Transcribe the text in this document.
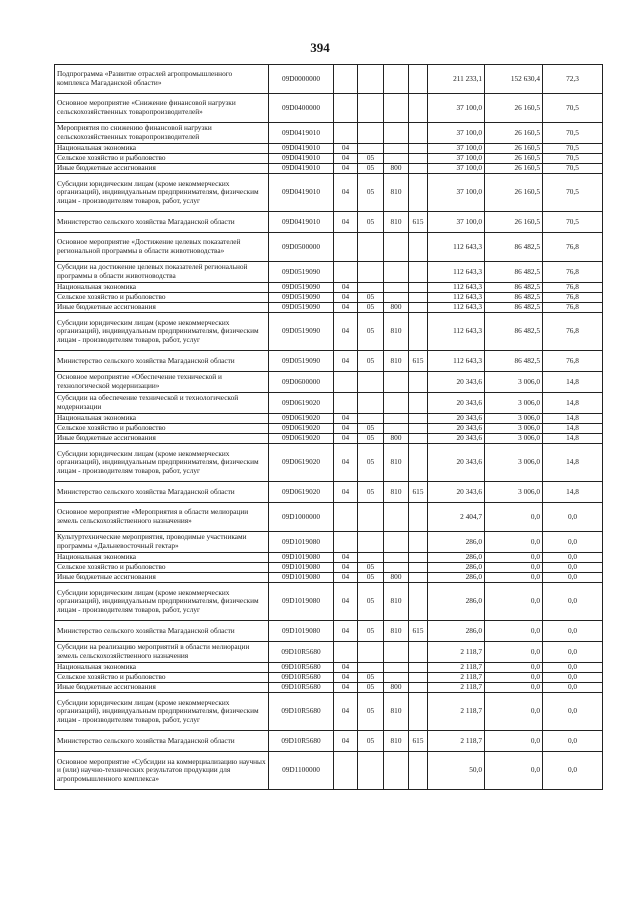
394
Подпрограмма «Развитие отраслей агропромышленного комплекса Магаданской области»	09D0000000					211 233,1	152 630,4	72,3
Основное мероприятие «Снижение финансовой нагрузки сельскохозяйственных товаропроизводителей»	09D0400000					37 100,0	26 160,5	70,5
Мероприятия по снижению финансовой нагрузки сельскохозяйственных товаропроизводителей	09D0419010					37 100,0	26 160,5	70,5
Национальная экономика	09D0419010	04				37 100,0	26 160,5	70,5
Сельское хозяйство и рыболовство	09D0419010	04	05			37 100,0	26 160,5	70,5
Иные бюджетные ассигнования	09D0419010	04	05	800		37 100,0	26 160,5	70,5
Субсидии юридическим лицам (кроме некоммерческих организаций), индивидуальным предпринимателям, физическим лицам - производителям товаров, работ, услуг	09D0419010	04	05	810		37 100,0	26 160,5	70,5
Министерство сельского хозяйства Магаданской области	09D0419010	04	05	810	615	37 100,0	26 160,5	70,5
Основное мероприятие «Достижение целевых показателей региональной программы в области животноводства»	09D0500000					112 643,3	86 482,5	76,8
Субсидии на достижение целевых показателей региональной программы в области животноводства	09D0519090					112 643,3	86 482,5	76,8
Национальная экономика	09D0519090	04				112 643,3	86 482,5	76,8
Сельское хозяйство и рыболовство	09D0519090	04	05			112 643,3	86 482,5	76,8
Иные бюджетные ассигнования	09D0519090	04	05	800		112 643,3	86 482,5	76,8
Субсидии юридическим лицам (кроме некоммерческих организаций), индивидуальным предпринимателям, физическим лицам - производителям товаров, работ, услуг	09D0519090	04	05	810		112 643,3	86 482,5	76,8
Министерство сельского хозяйства Магаданской области	09D0519090	04	05	810	615	112 643,3	86 482,5	76,8
Основное мероприятие «Обеспечение технической и технологической модернизации»	09D0600000					20 343,6	3 006,0	14,8
Субсидии на обеспечение технической и технологической модернизации	09D0619020					20 343,6	3 006,0	14,8
Национальная экономика	09D0619020	04				20 343,6	3 006,0	14,8
Сельское хозяйство и рыболовство	09D0619020	04	05			20 343,6	3 006,0	14,8
Иные бюджетные ассигнования	09D0619020	04	05	800		20 343,6	3 006,0	14,8
Субсидии юридическим лицам (кроме некоммерческих организаций), индивидуальным предпринимателям, физическим лицам - производителям товаров, работ, услуг	09D0619020	04	05	810		20 343,6	3 006,0	14,8
Министерство сельского хозяйства Магаданской области	09D0619020	04	05	810	615	20 343,6	3 006,0	14,8
Основное мероприятие «Мероприятия в области мелиорации земель сельскохозяйственного назначения»	09D1000000					2 404,7	0,0	0,0
Культуртехнические мероприятия, проводимые участниками программы «Дальневосточный гектар»	09D1019080					286,0	0,0	0,0
Национальная экономика	09D1019080	04				286,0	0,0	0,0
Сельское хозяйство и рыболовство	09D1019080	04	05			286,0	0,0	0,0
Иные бюджетные ассигнования	09D1019080	04	05	800		286,0	0,0	0,0
Субсидии юридическим лицам (кроме некоммерческих организаций), индивидуальным предпринимателям, физическим лицам - производителям товаров, работ, услуг	09D1019080	04	05	810		286,0	0,0	0,0
Министерство сельского хозяйства Магаданской области	09D1019080	04	05	810	615	286,0	0,0	0,0
Субсидии на реализацию мероприятий в области мелиорации земель сельскохозяйственного назначения	09D10R5680					2 118,7	0,0	0,0
Национальная экономика	09D10R5680	04				2 118,7	0,0	0,0
Сельское хозяйство и рыболовство	09D10R5680	04	05			2 118,7	0,0	0,0
Иные бюджетные ассигнования	09D10R5680	04	05	800		2 118,7	0,0	0,0
Субсидии юридическим лицам (кроме некоммерческих организаций), индивидуальным предпринимателям, физическим лицам - производителям товаров, работ, услуг	09D10R5680	04	05	810		2 118,7	0,0	0,0
Министерство сельского хозяйства Магаданской области	09D10R5680	04	05	810	615	2 118,7	0,0	0,0
Основное мероприятие «Субсидии на коммерциализацию научных и (или) научно-технических результатов продукции для агропромышленного комплекса»	09D1100000					50,0	0,0	0,0
